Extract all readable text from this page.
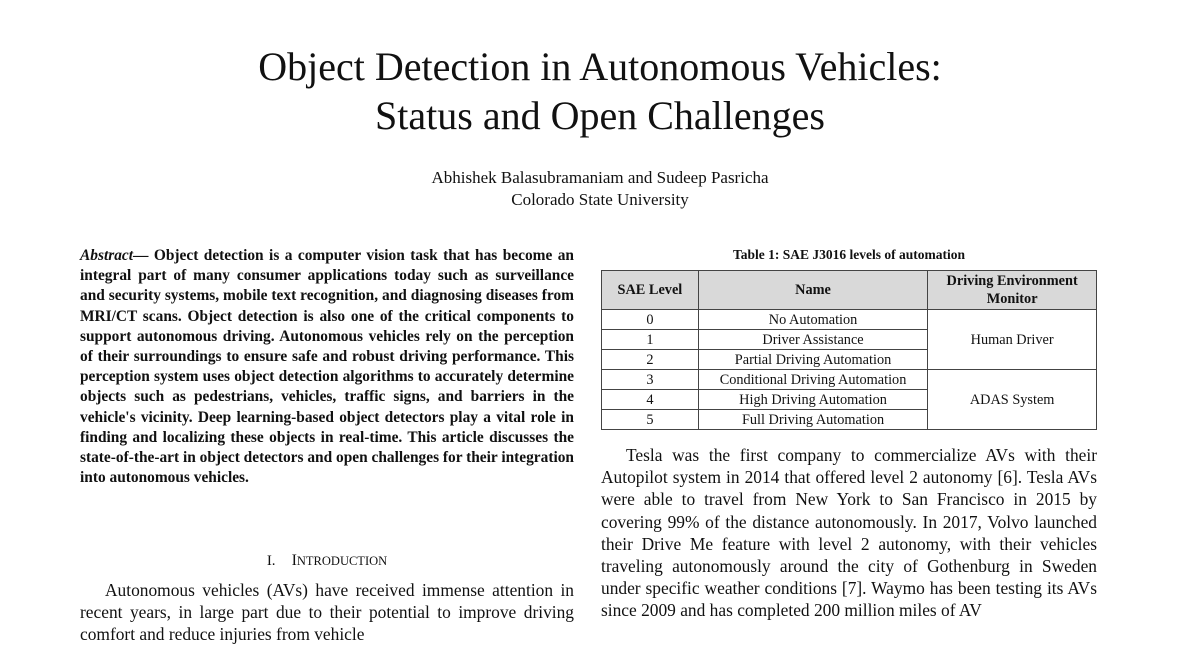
Object Detection in Autonomous Vehicles:
Status and Open Challenges
Abhishek Balasubramaniam and Sudeep Pasricha
Colorado State University

Abstract— Object detection is a computer vision task that has become an integral part of many consumer applications today such as surveillance and security systems, mobile text recognition, and diagnosing diseases from MRI/CT scans. Object detection is also one of the critical components to support autonomous driving. Autonomous vehicles rely on the perception of their surroundings to ensure safe and robust driving performance. This perception system uses object detection algorithms to accurately determine objects such as pedestrians, vehicles, traffic signs, and barriers in the vehicle's vicinity. Deep learning-based object detectors play a vital role in finding and localizing these objects in real-time. This article discusses the state-of-the-art in object detectors and open challenges for their integration into autonomous vehicles.

I. INTRODUCTION

Autonomous vehicles (AVs) have received immense attention in recent years, in large part due to their potential to improve driving comfort and reduce injuries from vehicle

Table 1: SAE J3016 levels of automation

SAE Level	Name	Driving Environment Monitor
0	No Automation	Human Driver
1	Driver Assistance	
2	Partial Driving Automation	
3	Conditional Driving Automation	ADAS System
4	High Driving Automation	
5	Full Driving Automation	

Tesla was the first company to commercialize AVs with their Autopilot system in 2014 that offered level 2 autonomy [6]. Tesla AVs were able to travel from New York to San Francisco in 2015 by covering 99% of the distance autonomously. In 2017, Volvo launched their Drive Me feature with level 2 autonomy, with their vehicles traveling autonomously around the city of Gothenburg in Sweden under specific weather conditions [7]. Waymo has been testing its AVs since 2009 and has completed 200 million miles of AV
